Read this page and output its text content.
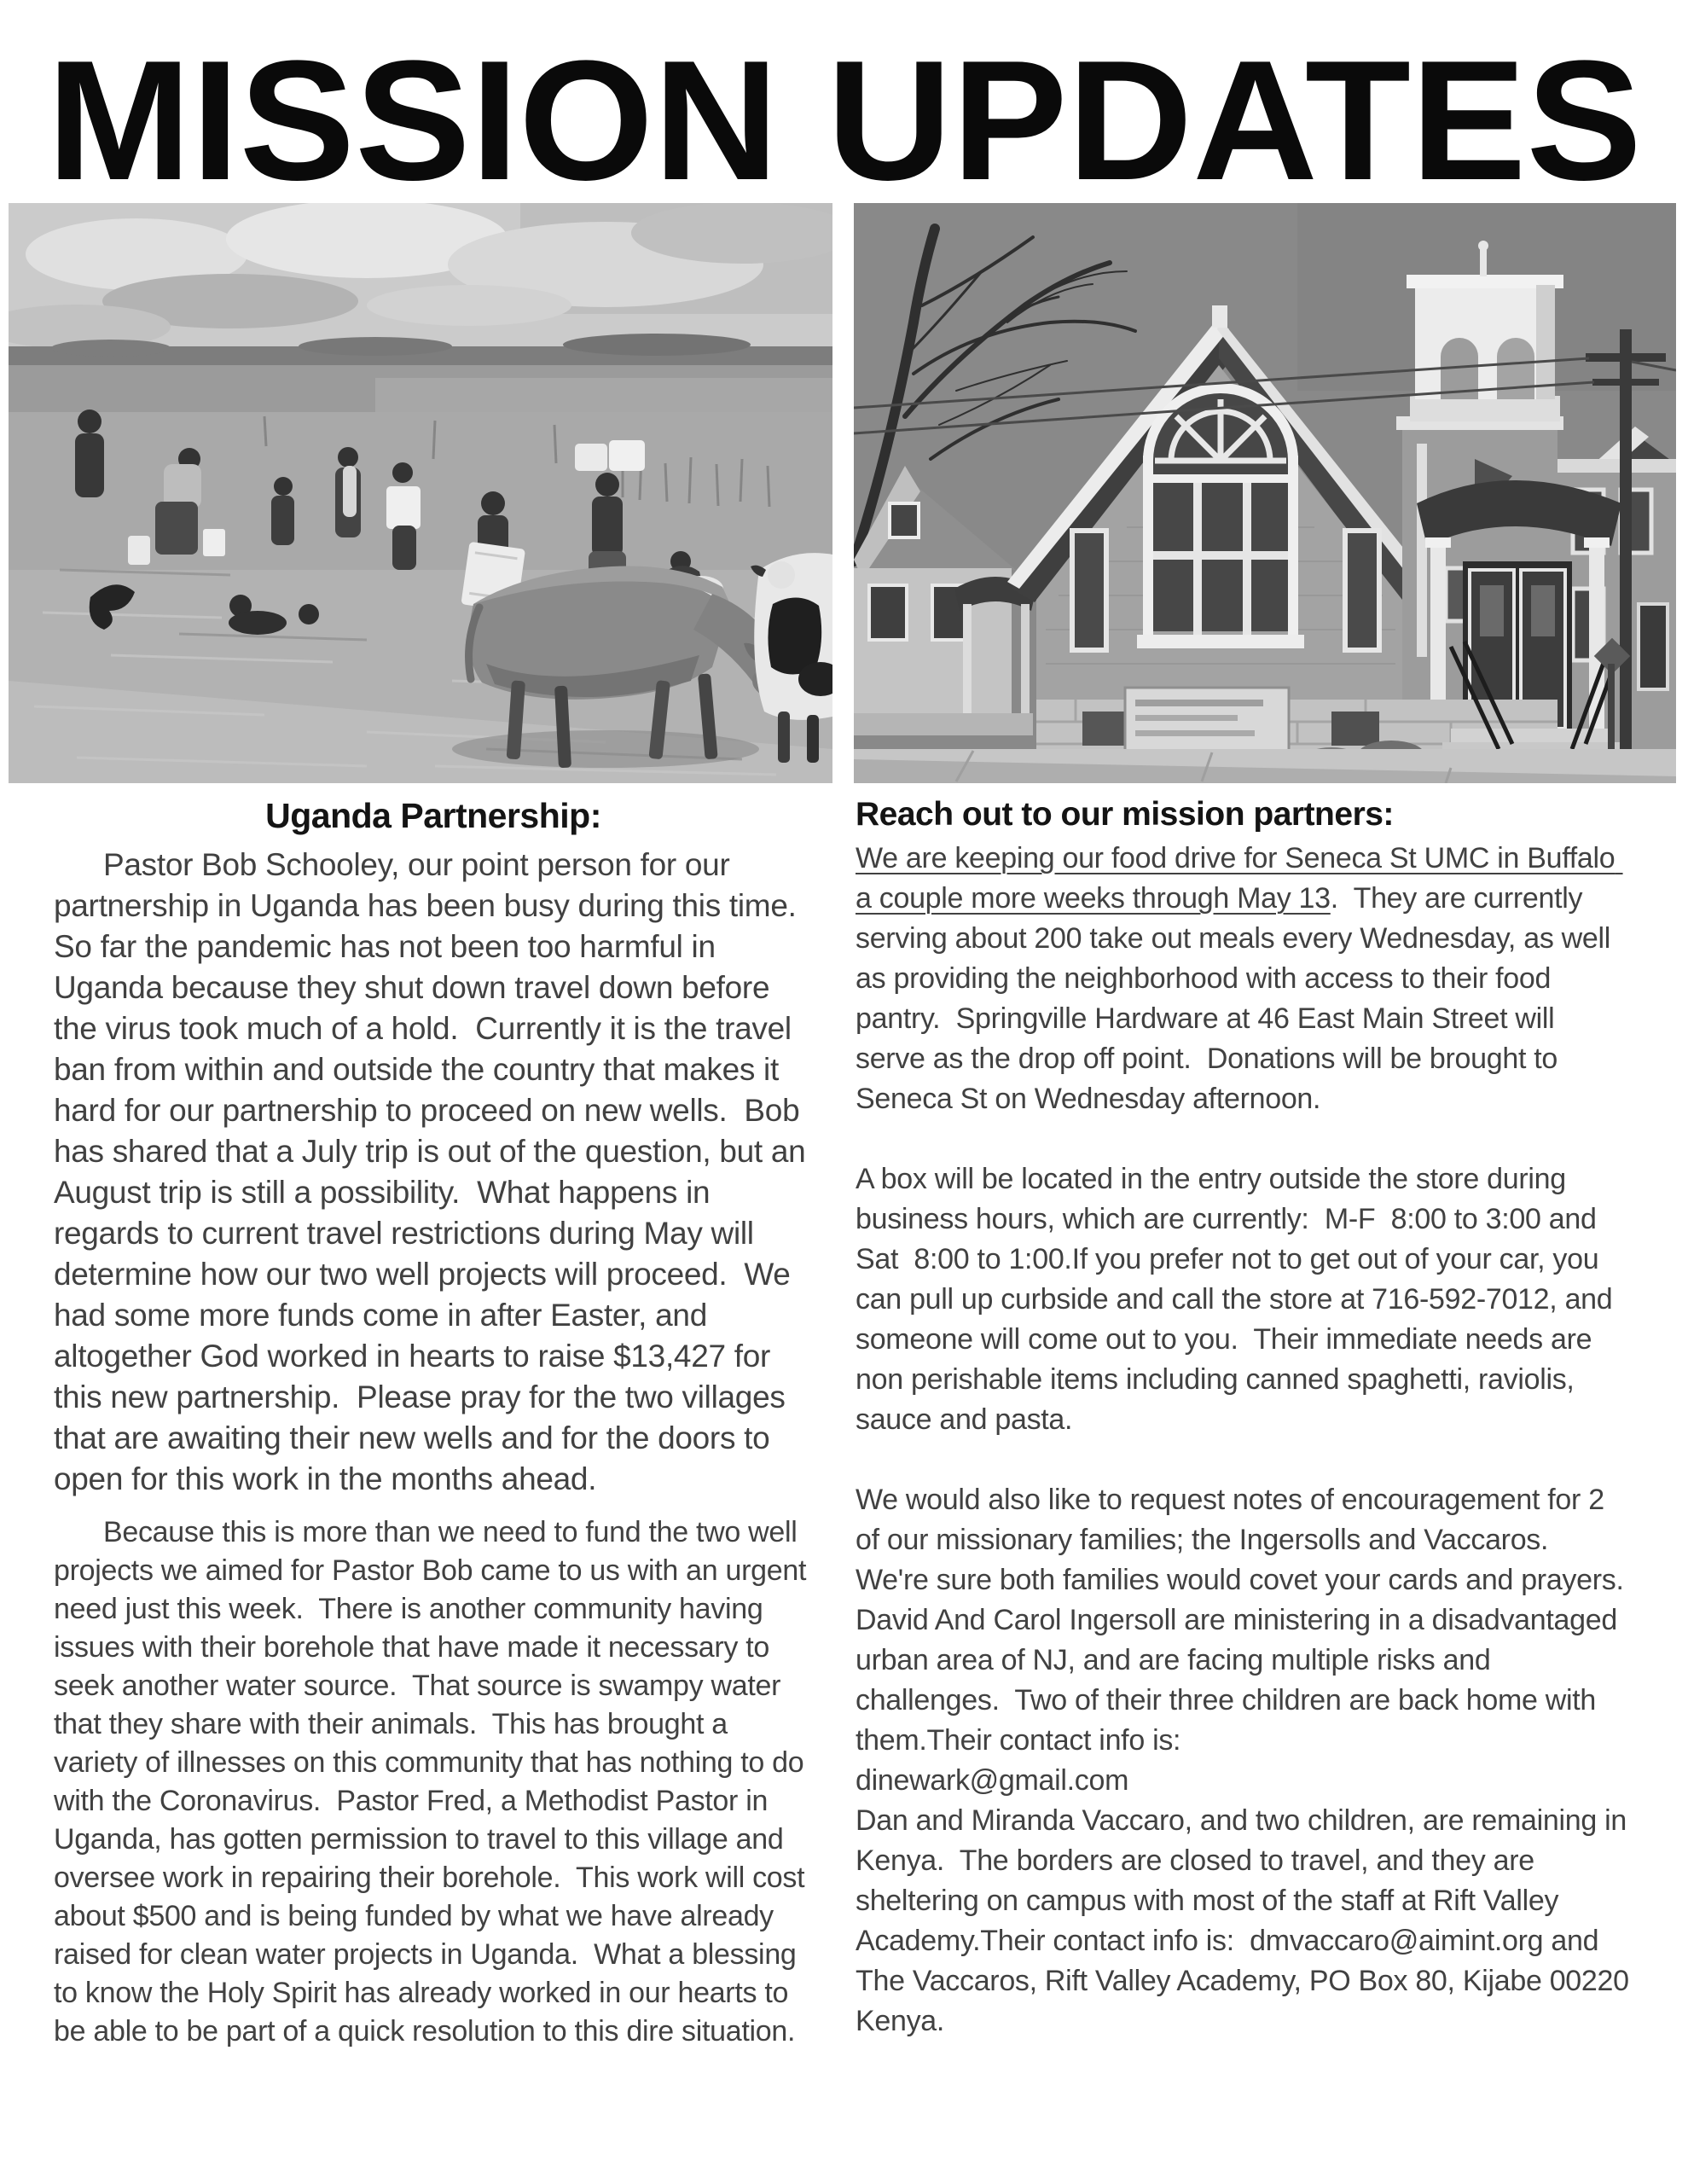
MISSION UPDATES
Uganda Partnership:

Pastor Bob Schooley, our point person for our partnership in Uganda has been busy during this time.  So far the pandemic has not been too harmful in Uganda because they shut down travel down before the virus took much of a hold.  Currently it is the travel ban from within and outside the country that makes it hard for our partnership to proceed on new wells.  Bob has shared that a July trip is out of the question, but an August trip is still a possibility.  What happens in regards to current travel restrictions during May will determine how our two well projects will proceed.  We had some more funds come in after Easter, and altogether God worked in hearts to raise $13,427 for this new partnership.  Please pray for the two villages that are awaiting their new wells and for the doors to open for this work in the months ahead.

Because this is more than we need to fund the two well projects we aimed for Pastor Bob came to us with an urgent need just this week.  There is another community having issues with their borehole that have made it necessary to seek another water source.  That source is swampy water that they share with their animals.  This has brought a variety of illnesses on this community that has nothing to do with the Coronavirus.  Pastor Fred, a Methodist Pastor in Uganda, has gotten permission to travel to this village and oversee work in repairing their borehole.  This work will cost about $500 and is being funded by what we have already raised for clean water projects in Uganda.  What a blessing to know the Holy Spirit has already worked in our hearts to be able to be part of a quick resolution to this dire situation.

Reach out to our mission partners:

We are keeping our food drive for Seneca St UMC in Buffalo a couple more weeks through May 13.  They are currently serving about 200 take out meals every Wednesday, as well as providing the neighborhood with access to their food pantry.  Springville Hardware at 46 East Main Street will serve as the drop off point.  Donations will be brought to Seneca St on Wednesday afternoon.

A box will be located in the entry outside the store during business hours, which are currently:  M-F  8:00 to 3:00 and Sat  8:00 to 1:00.If you prefer not to get out of your car, you can pull up curbside and call the store at 716-592-7012, and someone will come out to you.  Their immediate needs are non perishable items including canned spaghetti, raviolis, sauce and pasta.

We would also like to request notes of encouragement for 2 of our missionary families; the Ingersolls and Vaccaros.  We're sure both families would covet your cards and prayers.

David And Carol Ingersoll are ministering in a disadvantaged urban area of NJ, and are facing multiple risks and challenges.  Two of their three children are back home with them.Their contact info is:

dinewark@gmail.com

Dan and Miranda Vaccaro, and two children, are remaining in Kenya.  The borders are closed to travel, and they are sheltering on campus with most of the staff at Rift Valley Academy.Their contact info is:  dmvaccaro@aimint.org and The Vaccaros, Rift Valley Academy, PO Box 80, Kijabe 00220 Kenya.
